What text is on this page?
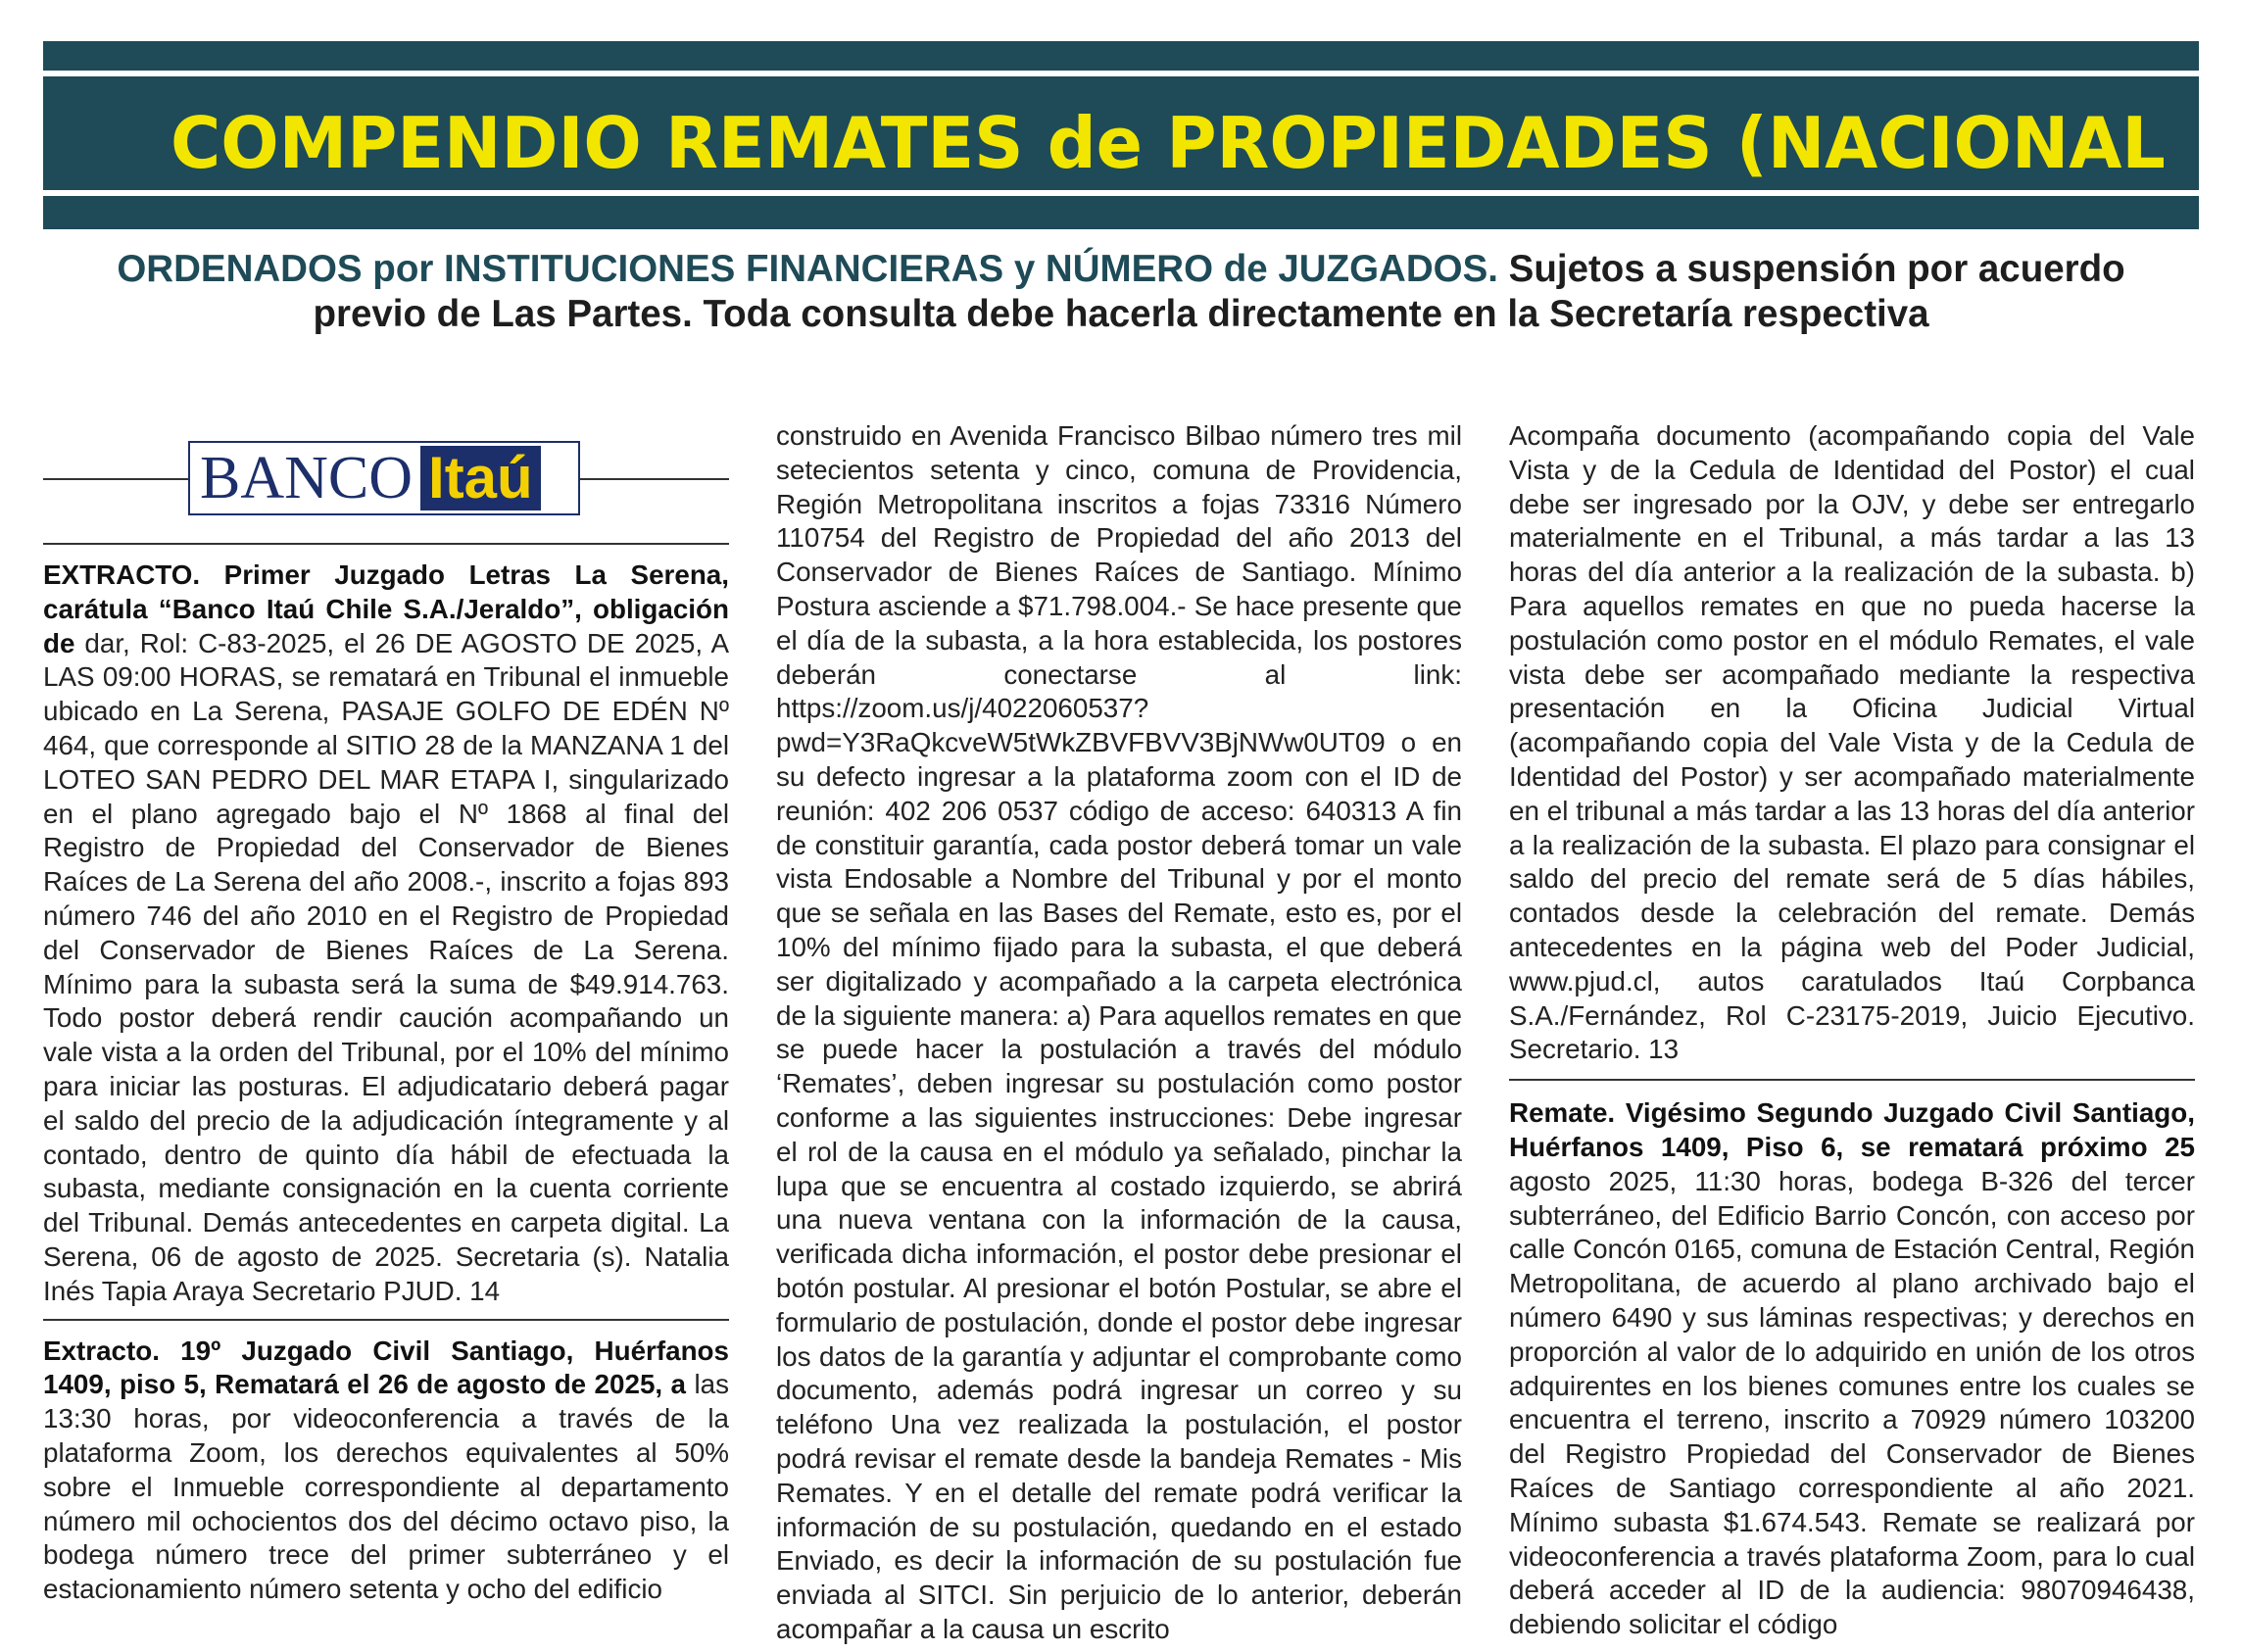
COMPENDIO REMATES de PROPIEDADES (NACIONAL
ORDENADOS por INSTITUCIONES FINANCIERAS y NÚMERO de JUZGADOS. Sujetos a suspensión por acuerdo previo de Las Partes. Toda consulta debe hacerla directamente en la Secretaría respectiva
BANCO Itaú

EXTRACTO. Primer Juzgado Letras La Serena, carátula “Banco Itaú Chile S.A./Jeraldo”, obligación de dar, Rol: C-83-2025, el 26 DE AGOSTO DE 2025, A LAS 09:00 HORAS, se rematará en Tribunal el inmueble ubicado en La Serena, PASAJE GOLFO DE EDÉN Nº 464, que corresponde al SITIO 28 de la MANZANA 1 del LOTEO SAN PEDRO DEL MAR ETAPA I, singularizado en el plano agregado bajo el Nº 1868 al final del Registro de Propiedad del Conservador de Bienes Raíces de La Serena del año 2008.-, inscrito a fojas 893 número 746 del año 2010 en el Registro de Propiedad del Conservador de Bienes Raíces de La Serena. Mínimo para la subasta será la suma de $49.914.763. Todo postor deberá rendir caución acompañando un vale vista a la orden del Tribunal, por el 10% del mínimo para iniciar las posturas. El adjudicatario deberá pagar el saldo del precio de la adjudicación íntegramente y al contado, dentro de quinto día hábil de efectuada la subasta, mediante consignación en la cuenta corriente del Tribunal. Demás antecedentes en carpeta digital. La Serena, 06 de agosto de 2025. Secretaria (s). Natalia Inés Tapia Araya Secretario PJUD. 14

Extracto. 19º Juzgado Civil Santiago, Huérfanos 1409, piso 5, Rematará el 26 de agosto de 2025, a las 13:30 horas, por videoconferencia a través de la plataforma Zoom, los derechos equivalentes al 50% sobre el Inmueble correspondiente al departamento número mil ochocientos dos del décimo octavo piso, la bodega número trece del primer subterráneo y el estacionamiento número setenta y ocho del edificio

construido en Avenida Francisco Bilbao número tres mil setecientos setenta y cinco, comuna de Providencia, Región Metropolitana inscritos a fojas 73316 Número 110754 del Registro de Propiedad del año 2013 del Conservador de Bienes Raíces de Santiago. Mínimo Postura asciende a $71.798.004.- Se hace presente que el día de la subasta, a la hora establecida, los postores deberán conectarse al link: https://zoom.us/j/4022060537?pwd=Y3RaQkcveW5tWkZBVFBVV3BjNWw0UT09 o en su defecto ingresar a la plataforma zoom con el ID de reunión: 402 206 0537 código de acceso: 640313 A fin de constituir garantía, cada postor deberá tomar un vale vista Endosable a Nombre del Tribunal y por el monto que se señala en las Bases del Remate, esto es, por el 10% del mínimo fijado para la subasta, el que deberá ser digitalizado y acompañado a la carpeta electrónica de la siguiente manera: a) Para aquellos remates en que se puede hacer la postulación a través del módulo ‘Remates’, deben ingresar su postulación como postor conforme a las siguientes instrucciones: Debe ingresar el rol de la causa en el módulo ya señalado, pinchar la lupa que se encuentra al costado izquierdo, se abrirá una nueva ventana con la información de la causa, verificada dicha información, el postor debe presionar el botón postular. Al presionar el botón Postular, se abre el formulario de postulación, donde el postor debe ingresar los datos de la garantía y adjuntar el comprobante como documento, además podrá ingresar un correo y su teléfono Una vez realizada la postulación, el postor podrá revisar el remate desde la bandeja Remates - Mis Remates. Y en el detalle del remate podrá verificar la información de su postulación, quedando en el estado Enviado, es decir la información de su postulación fue enviada al SITCI. Sin perjuicio de lo anterior, deberán acompañar a la causa un escrito

Acompaña documento (acompañando copia del Vale Vista y de la Cedula de Identidad del Postor) el cual debe ser ingresado por la OJV, y debe ser entregarlo materialmente en el Tribunal, a más tardar a las 13 horas del día anterior a la realización de la subasta. b) Para aquellos remates en que no pueda hacerse la postulación como postor en el módulo Remates, el vale vista debe ser acompañado mediante la respectiva presentación en la Oficina Judicial Virtual (acompañando copia del Vale Vista y de la Cedula de Identidad del Postor) y ser acompañado materialmente en el tribunal a más tardar a las 13 horas del día anterior a la realización de la subasta. El plazo para consignar el saldo del precio del remate será de 5 días hábiles, contados desde la celebración del remate. Demás antecedentes en la página web del Poder Judicial, www.pjud.cl, autos caratulados Itaú Corpbanca S.A./Fernández, Rol C-23175-2019, Juicio Ejecutivo. Secretario. 13

Remate. Vigésimo Segundo Juzgado Civil Santiago, Huérfanos 1409, Piso 6, se rematará próximo 25 agosto 2025, 11:30 horas, bodega B-326 del tercer subterráneo, del Edificio Barrio Concón, con acceso por calle Concón 0165, comuna de Estación Central, Región Metropolitana, de acuerdo al plano archivado bajo el número 6490 y sus láminas respectivas; y derechos en proporción al valor de lo adquirido en unión de los otros adquirentes en los bienes comunes entre los cuales se encuentra el terreno, inscrito a 70929 número 103200 del Registro Propiedad del Conservador de Bienes Raíces de Santiago correspondiente al año 2021. Mínimo subasta $1.674.543. Remate se realizará por videoconferencia a través plataforma Zoom, para lo cual deberá acceder al ID de la audiencia: 98070946438, debiendo solicitar el código
